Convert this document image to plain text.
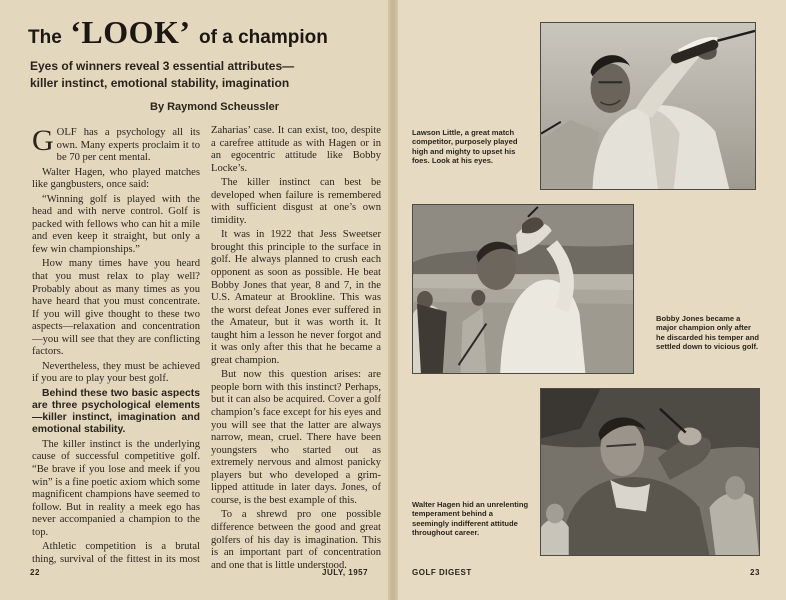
The ‘LOOK’ of a champion
Eyes of winners reveal 3 essential attributes—
killer instinct, emotional stability, imagination
By Raymond Scheussler

GOLF has a psychology all its own. Many experts proclaim it to be 70 per cent mental.

Walter Hagen, who played matches like gangbusters, once said:

“Winning golf is played with the head and with nerve control. Golf is packed with fellows who can hit a mile and even keep it straight, but only a few win championships.”

How many times have you heard that you must relax to play well? Probably about as many times as you have heard that you must concentrate. If you will give thought to these two aspects—relaxation and concentration—you will see that they are conflicting factors.

Nevertheless, they must be achieved if you are to play your best golf.

Behind these two basic aspects are three psychological elements—killer instinct, imagination and emotional stability.

The killer instinct is the underlying cause of successful competitive golf. “Be brave if you lose and meek if you win” is a fine poetic axiom which some magnificent champions have seemed to follow. But in reality a meek ego has never accompanied a champion to the top.

Athletic competition is a brutal thing, survival of the fittest in its most

Zaharias’ case. It can exist, too, despite a carefree attitude as with Hagen or in an egocentric attitude like Bobby Locke’s.

The killer instinct can best be developed when failure is remembered with sufficient disgust at one’s own timidity.

It was in 1922 that Jess Sweetser brought this principle to the surface in golf. He always planned to crush each opponent as soon as possible. He beat Bobby Jones that year, 8 and 7, in the U.S. Amateur at Brookline. This was the worst defeat Jones ever suffered in the Amateur, but it was worth it. It taught him a lesson he never forgot and it was only after this that he became a great champion.

But now this question arises: are people born with this instinct? Perhaps, but it can also be acquired. Cover a golf champion’s face except for his eyes and you will see that the latter are always narrow, mean, cruel. There have been youngsters who started out as extremely nervous and almost panicky players but who developed a grim-lipped attitude in later days. Jones, of course, is the best example of this.

To a shrewd pro one possible difference between the good and great golfers of his day is imagination. This is an important part of concentration and one that is little understood.

22	JULY, 1957	GOLF DIGEST	23
Lawson Little, a great match competitor, purposely played high and mighty to upset his foes. Look at his eyes.
Bobby Jones became a major champion only after he discarded his temper and settled down to vicious golf.
Walter Hagen hid an unrelenting temperament behind a seemingly indifferent attitude throughout career.
